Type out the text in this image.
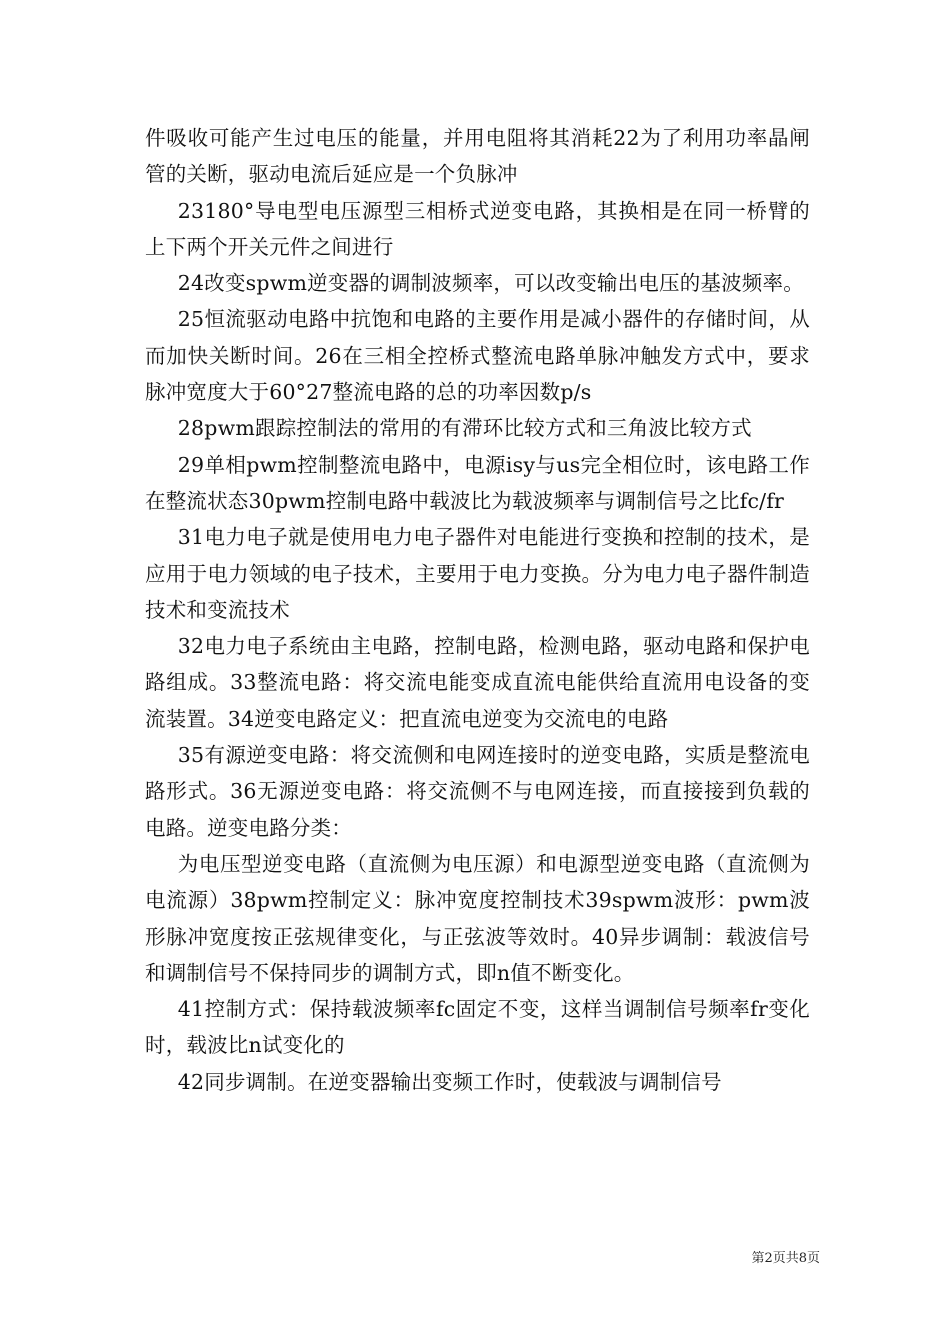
件吸收可能产生过电压的能量，并用电阻将其消耗22为了利用功率晶闸管的关断，驱动电流后延应是一个负脉冲

23180°导电型电压源型三相桥式逆变电路，其换相是在同一桥臂的上下两个开关元件之间进行

24改变spwm逆变器的调制波频率，可以改变输出电压的基波频率。

25恒流驱动电路中抗饱和电路的主要作用是减小器件的存储时间，从而加快关断时间。26在三相全控桥式整流电路单脉冲触发方式中，要求脉冲宽度大于60°27整流电路的总的功率因数p/s

28pwm跟踪控制法的常用的有滞环比较方式和三角波比较方式

29单相pwm控制整流电路中，电源isy与us完全相位时，该电路工作在整流状态30pwm控制电路中载波比为载波频率与调制信号之比fc/fr

31电力电子就是使用电力电子器件对电能进行变换和控制的技术，是应用于电力领域的电子技术，主要用于电力变换。分为电力电子器件制造技术和变流技术

32电力电子系统由主电路，控制电路，检测电路，驱动电路和保护电路组成。33整流电路：将交流电能变成直流电能供给直流用电设备的变流装置。34逆变电路定义：把直流电逆变为交流电的电路

35有源逆变电路：将交流侧和电网连接时的逆变电路，实质是整流电路形式。36无源逆变电路：将交流侧不与电网连接，而直接接到负载的电路。逆变电路分类：

为电压型逆变电路（直流侧为电压源）和电源型逆变电路（直流侧为电流源）38pwm控制定义：脉冲宽度控制技术39spwm波形：pwm波形脉冲宽度按正弦规律变化，与正弦波等效时。40异步调制：载波信号和调制信号不保持同步的调制方式，即n值不断变化。

41控制方式：保持载波频率fc固定不变，这样当调制信号频率fr变化时，载波比n试变化的

42同步调制。在逆变器输出变频工作时，使载波与调制信号

第2页共8页
